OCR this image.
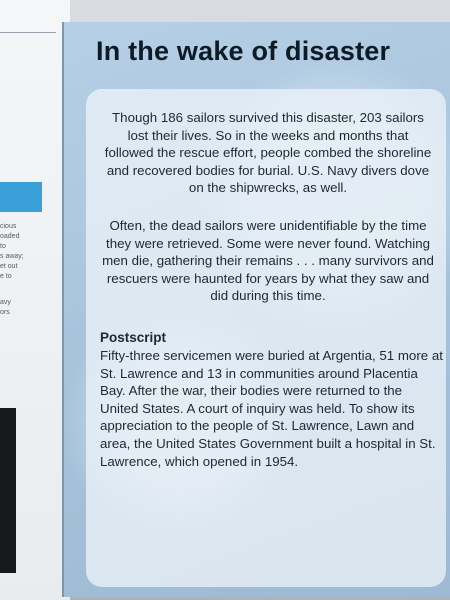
cious
oaded
to
s away;
et out
e to
avy
ors
In the wake of disaster

Though 186 sailors survived this disaster, 203 sailors lost their lives. So in the weeks and months that followed the rescue effort, people combed the shoreline and recovered bodies for burial. U.S. Navy divers dove on the shipwrecks, as well.

Often, the dead sailors were unidentifiable by the time they were retrieved. Some were never found. Watching men die, gathering their remains . . . many survivors and rescuers were haunted for years by what they saw and did during this time.

Postscript

Fifty-three servicemen were buried at Argentia, 51 more at St. Lawrence and 13 in communities around Placentia Bay. After the war, their bodies were returned to the United States. A court of inquiry was held. To show its appreciation to the people of St. Lawrence, Lawn and area, the United States Government built a hospital in St. Lawrence, which opened in 1954.
